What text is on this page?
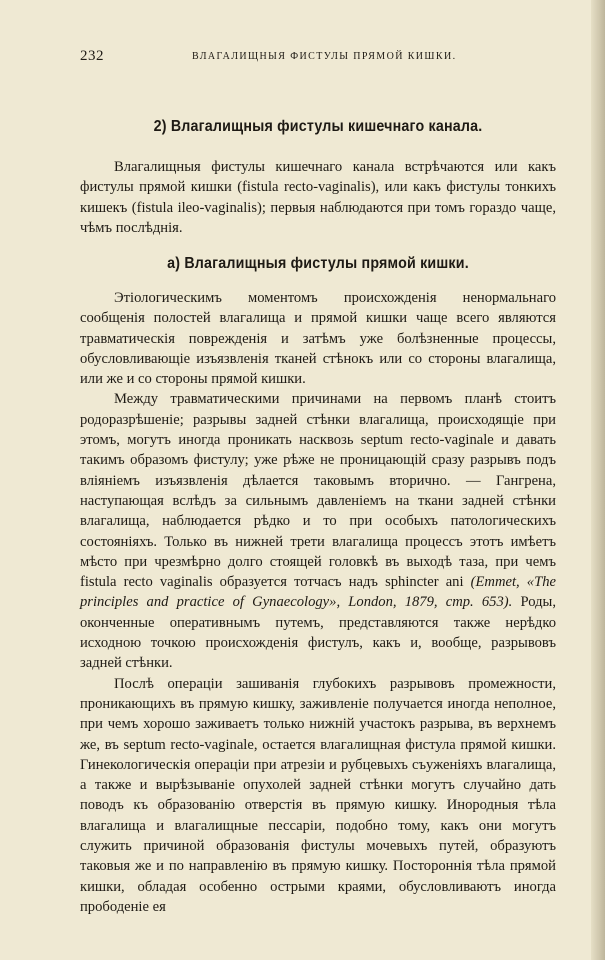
232	ВЛАГАЛИЩНЫЯ ФИСТУЛЫ ПРЯМОЙ КИШКИ.
2) Влагалищныя фистулы кишечнаго канала.

Влагалищныя фистулы кишечнаго канала встрѣчаются или какъ фистулы прямой кишки (fistula recto-vaginalis), или какъ фистулы тонкихъ кишекъ (fistula ileo-vaginalis); первыя наблюдаются при томъ гораздо чаще, чѣмъ послѣднія.

а) Влагалищныя фистулы прямой кишки.

Этіологическимъ моментомъ происхожденія ненормальнаго сообщенія полостей влагалища и прямой кишки чаще всего являются травматическія поврежденія и затѣмъ уже болѣзненные процессы, обусловливающіе изъязвленія тканей стѣнокъ или со стороны влагалища, или же и со стороны прямой кишки.

Между травматическими причинами на первомъ планѣ стоитъ родоразрѣшеніе; разрывы задней стѣнки влагалища, происходящіе при этомъ, могутъ иногда проникать насквозь septum recto-vaginale и давать такимъ образомъ фистулу; уже рѣже не проницающій сразу разрывъ подъ вліяніемъ изъязвленія дѣлается таковымъ вторично. — Гангрена, наступающая вслѣдъ за сильнымъ давленіемъ на ткани задней стѣнки влагалища, наблюдается рѣдко и то при особыхъ патологическихъ состояніяхъ. Только въ нижней трети влагалища процессъ этотъ имѣетъ мѣсто при чрезмѣрно долго стоящей головкѣ въ выходѣ таза, при чемъ fistula recto vaginalis образуется тотчасъ надъ sphincter ani (Emmet, «The principles and practice of Gynaecology», London, 1879, стр. 653). Роды, оконченные оперативнымъ путемъ, представляются также нерѣдко исходною точкою происхожденія фистулъ, какъ и, вообще, разрывовъ задней стѣнки.

Послѣ операціи зашиванія глубокихъ разрывовъ промежности, проникающихъ въ прямую кишку, заживленіе получается иногда неполное, при чемъ хорошо заживаетъ только нижній участокъ разрыва, въ верхнемъ же, въ septum recto-vaginale, остается влагалищная фистула прямой кишки. Гинекологическія операціи при атрезіи и рубцевыхъ съуженіяхъ влагалища, а также и вырѣзываніе опухолей задней стѣнки могутъ случайно дать поводъ къ образованію отверстія въ прямую кишку. Инородныя тѣла влагалища и влагалищные пессаріи, подобно тому, какъ они могутъ служить причиной образованія фистулы мочевыхъ путей, образуютъ таковыя же и по направленію въ прямую кишку. Постороннія тѣла прямой кишки, обладая особенно острыми краями, обусловливаютъ иногда прободеніе ея
